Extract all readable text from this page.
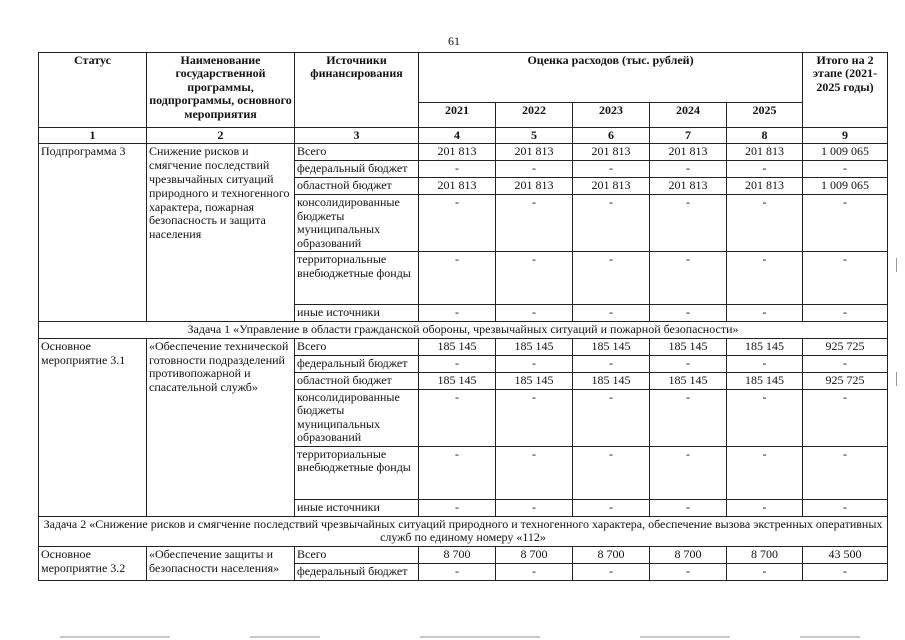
61
Статус	Наименование государственной программы, подпрограммы, основного мероприятия	Источники финансирования	Оценка расходов (тыс. рублей)					Итого на 2 этапе (2021-2025 годы)
			2021	2022	2023	2024	2025	
1	2	3	4	5	6	7	8	9
Подпрограмма 3	Снижение рисков и смягчение последствий чрезвычайных ситуаций природного и техногенного характера, пожарная безопасность и защита населения	Всего	201 813	201 813	201 813	201 813	201 813	1 009 065
		федеральный бюджет	-	-	-	-	-	-
		областной бюджет	201 813	201 813	201 813	201 813	201 813	1 009 065
		консолидированные бюджеты муниципальных образований	-	-	-	-	-	-
		территориальные внебюджетные фонды	-	-	-	-	-	-
		иные источники	-	-	-	-	-	-
Задача 1 «Управление в области гражданской обороны, чрезвычайных ситуаций и пожарной безопасности»								
Основное мероприятие 3.1	«Обеспечение технической готовности подразделений противопожарной и спасательной служб»	Всего	185 145	185 145	185 145	185 145	185 145	925 725
		федеральный бюджет	-	-	-	-	-	-
		областной бюджет	185 145	185 145	185 145	185 145	185 145	925 725
		консолидированные бюджеты муниципальных образований	-	-	-	-	-	-
		территориальные внебюджетные фонды	-	-	-	-	-	-
		иные источники	-	-	-	-	-	-
Задача 2 «Снижение рисков и смягчение последствий чрезвычайных ситуаций природного и техногенного характера, обеспечение вызова экстренных оперативных служб по единому номеру «112»								
Основное мероприятие 3.2	«Обеспечение защиты и безопасности населения»	Всего	8 700	8 700	8 700	8 700	8 700	43 500
		федеральный бюджет	-	-	-	-	-	-
